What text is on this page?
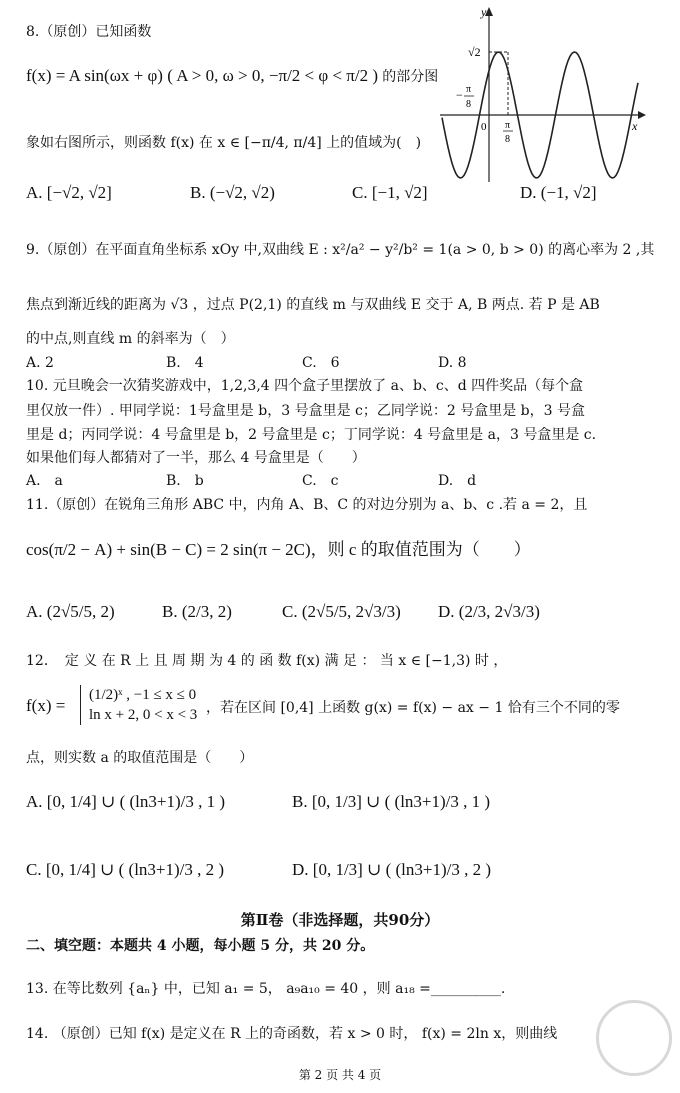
8.（原创）已知函数
f(x) = A sin(ωx + φ) ( A > 0, ω > 0, −π/2 < φ < π/2 ) 的部分图
象如右图所示，则函数 f(x) 在 x ∈ [−π/4, π/4] 上的值域为(　)
A. [−√2, √2]	B. (−√2, √2)	C. [−1, √2]	D. (−1, √2]
x
y
0
√2
π
−
8
π
8
9.（原创）在平面直角坐标系 xOy 中,双曲线 E : x²/a² − y²/b² = 1(a > 0, b > 0) 的离心率为 2 ,其
焦点到渐近线的距离为 √3 ，过点 P(2,1) 的直线 m 与双曲线 E 交于 A, B 两点. 若 P 是 AB
的中点,则直线 m 的斜率为（　）
A. 2	B.　4	C.　6	D. 8
10. 元旦晚会一次猜奖游戏中，1,2,3,4 四个盒子里摆放了 a、b、c、d 四件奖品（每个盒
里仅放一件）. 甲同学说：1号盒里是 b，3 号盒里是 c；乙同学说：2 号盒里是 b，3 号盒
里是 d；丙同学说：4 号盒里是 b，2 号盒里是 c；丁同学说：4 号盒里是 a，3 号盒里是 c.
如果他们每人都猜对了一半，那么 4 号盒里是（　　）
A.　a	B.　b	C.　c	D.　d
11.（原创）在锐角三角形 ABC 中，内角 A、B、C 的对边分别为 a、b、c .若 a = 2，且
cos(π/2 − A) + sin(B − C) = 2 sin(π − 2C)，则 c 的取值范围为（　　）
A. (2√5/5, 2)	B. (2/3, 2)	C. (2√5/5, 2√3/3) D. (2/3, 2√3/3)
12．　定 义 在 R 上 且 周 期 为 4 的 函 数 f(x) 满 足 ： 当 x ∈ [−1,3) 时 ，
f(x) =
(1/2)ˣ , −1 ≤ x ≤ 0
ln x + 2, 0 < x < 3 ，若在区间 [0,4] 上函数 g(x) = f(x) − ax − 1 恰有三个不同的零
点，则实数 a 的取值范围是（　　）
A. [0, 1/4] ∪ ( (ln3+1)/3 , 1 )	B. [0, 1/3] ∪ ( (ln3+1)/3 , 1 )
C. [0, 1/4] ∪ ( (ln3+1)/3 , 2 )	D. [0, 1/3] ∪ ( (ln3+1)/3 , 2 )
第Ⅱ卷（非选择题，共90分）
二、填空题：本题共 4 小题，每小题 5 分，共 20 分。
13. 在等比数列 {aₙ} 中，已知 a₁ = 5， a₉a₁₀ = 40 ，则 a₁₈ =__________.
14. （原创）已知 f(x) 是定义在 R 上的奇函数，若 x > 0 时， f(x) = 2ln x，则曲线
第 2 页 共 4 页
